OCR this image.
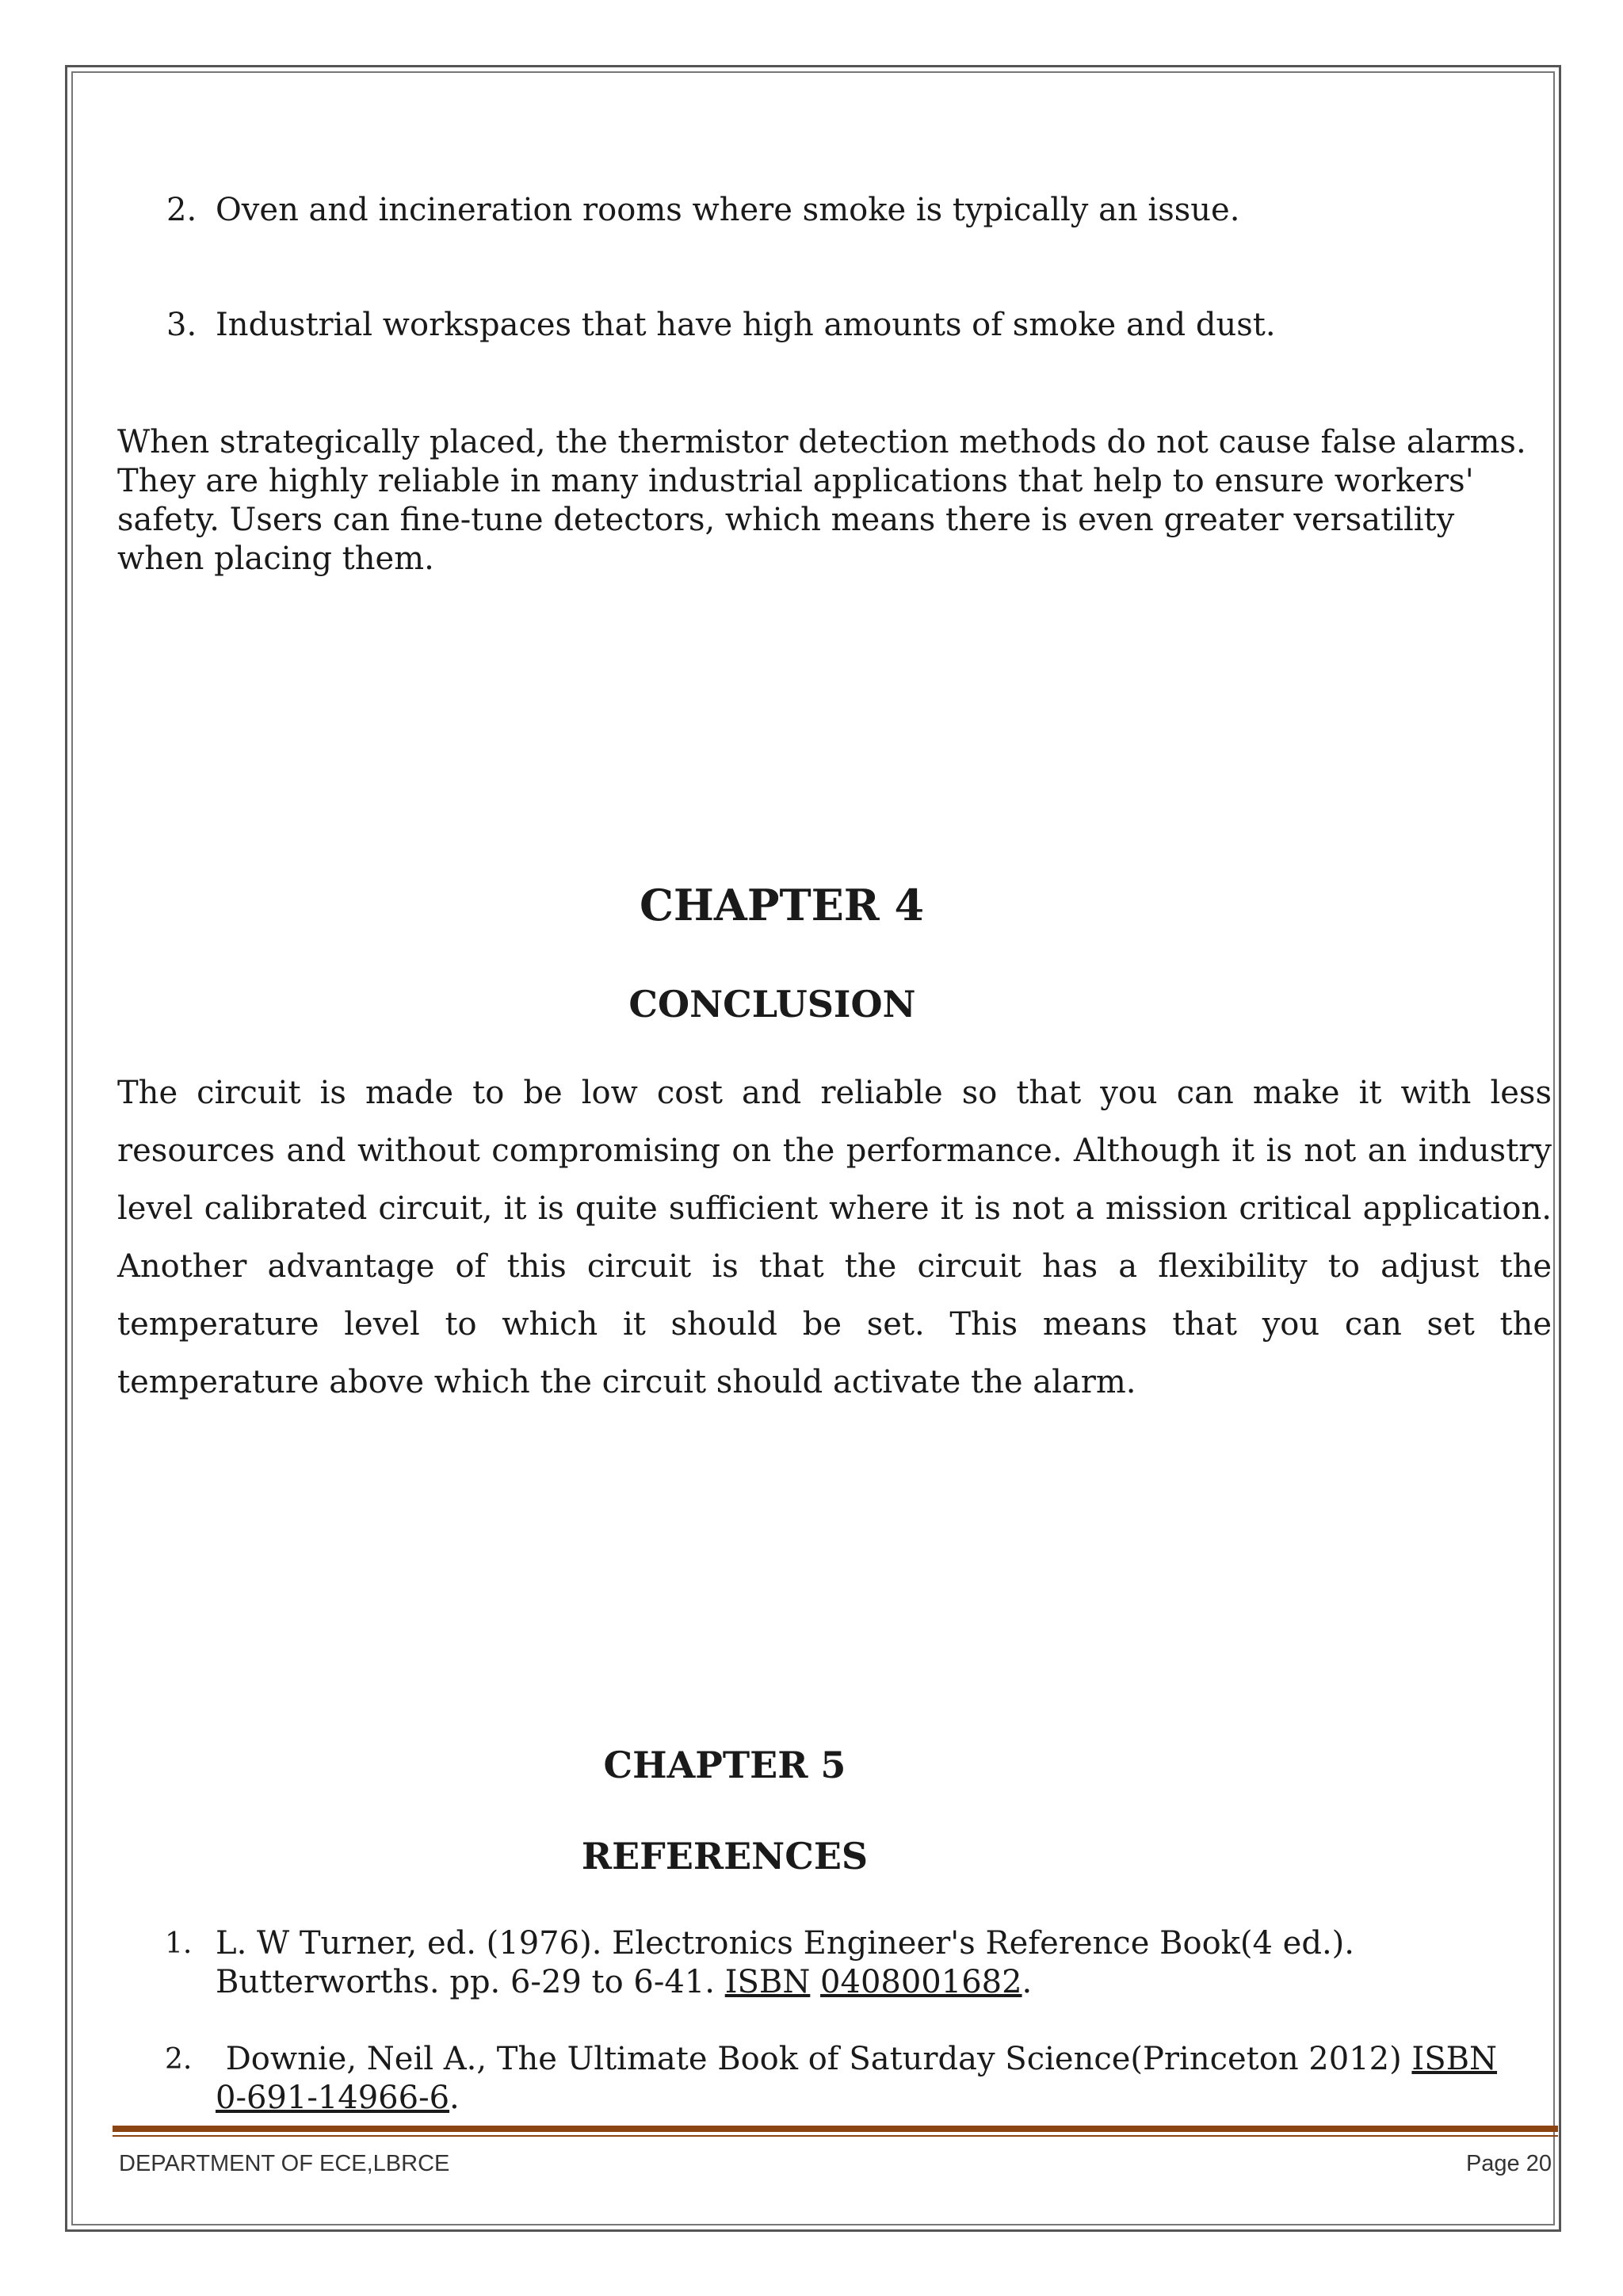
2. Oven and incineration rooms where smoke is typically an issue.
3. Industrial workspaces that have high amounts of smoke and dust.

When strategically placed, the thermistor detection methods do not cause false alarms. They are highly reliable in many industrial applications that help to ensure workers' safety. Users can fine-tune detectors, which means there is even greater versatility when placing them.

CHAPTER 4
CONCLUSION

The circuit is made to be low cost and reliable so that you can make it with less resources and without compromising on the performance. Although it is not an industry level calibrated circuit, it is quite sufficient where it is not a mission critical application. Another advantage of this circuit is that the circuit has a flexibility to adjust the temperature level to which it should be set. This means that you can set the temperature above which the circuit should activate the alarm.

CHAPTER 5
REFERENCES
1. L. W Turner, ed. (1976). Electronics Engineer's Reference Book(4 ed.). Butterworths. pp. 6-29 to 6-41. ISBN 0408001682.
2. Downie, Neil A., The Ultimate Book of Saturday Science(Princeton 2012) ISBN 0-691-14966-6.
DEPARTMENT OF ECE,LBRCE	Page 20
